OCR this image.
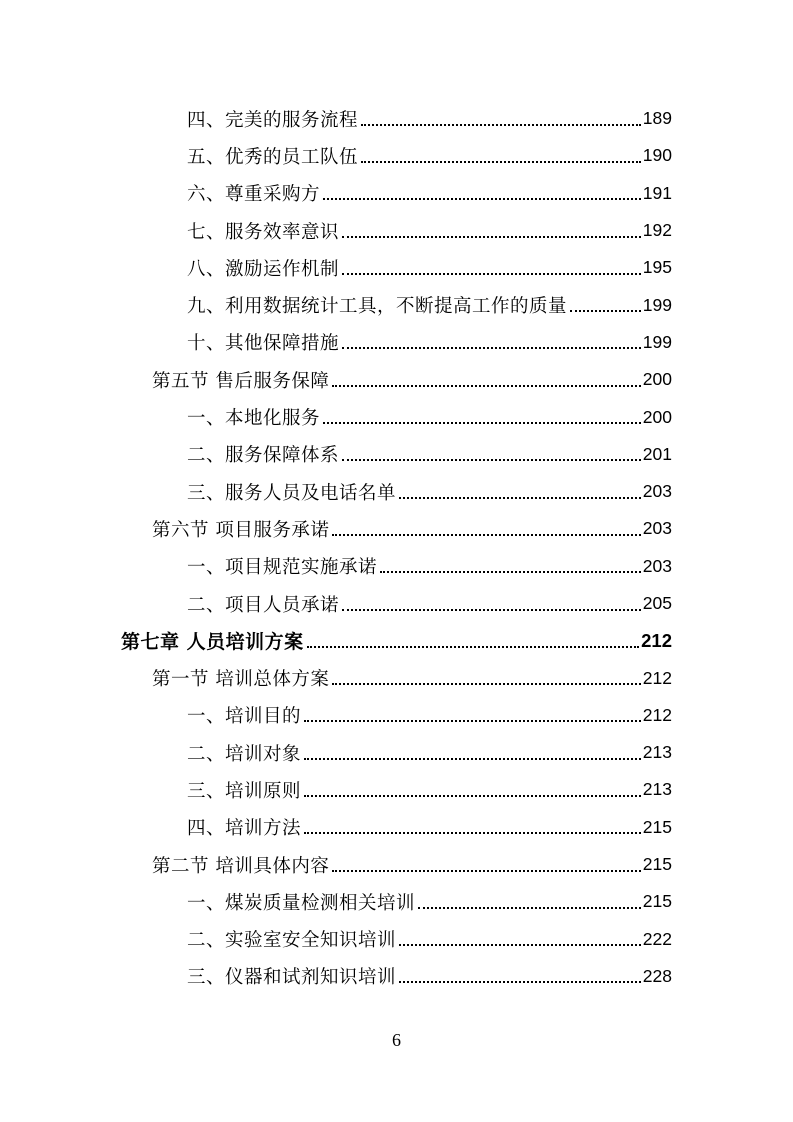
四、完美的服务流程	189
五、优秀的员工队伍	190
六、尊重采购方	191
七、服务效率意识	192
八、激励运作机制	195
九、利用数据统计工具，不断提高工作的质量	199
十、其他保障措施	199
第五节 售后服务保障	200
一、本地化服务	200
二、服务保障体系	201
三、服务人员及电话名单	203
第六节 项目服务承诺	203
一、项目规范实施承诺	203
二、项目人员承诺	205
第七章 人员培训方案	212
第一节 培训总体方案	212
一、培训目的	212
二、培训对象	213
三、培训原则	213
四、培训方法	215
第二节 培训具体内容	215
一、煤炭质量检测相关培训	215
二、实验室安全知识培训	222
三、仪器和试剂知识培训	228
6
